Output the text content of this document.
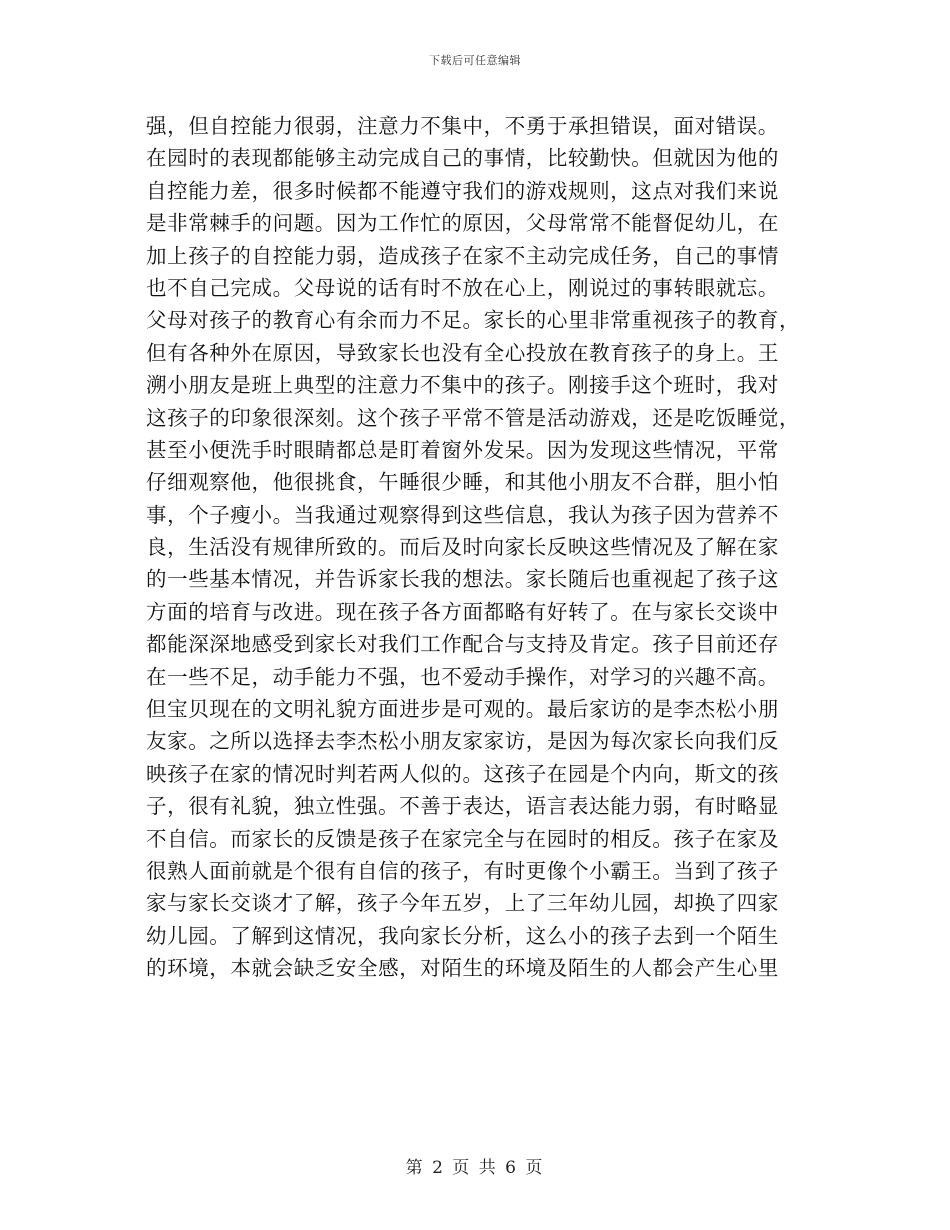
下载后可任意编辑
强，但自控能力很弱，注意力不集中，不勇于承担错误，面对错误。
在园时的表现都能够主动完成自己的事情，比较勤快。但就因为他的
自控能力差，很多时候都不能遵守我们的游戏规则，这点对我们来说
是非常棘手的问题。因为工作忙的原因，父母常常不能督促幼儿，在
加上孩子的自控能力弱，造成孩子在家不主动完成任务，自己的事情
也不自己完成。父母说的话有时不放在心上，刚说过的事转眼就忘。
父母对孩子的教育心有余而力不足。家长的心里非常重视孩子的教育，
但有各种外在原因，导致家长也没有全心投放在教育孩子的身上。王
溯小朋友是班上典型的注意力不集中的孩子。刚接手这个班时，我对
这孩子的印象很深刻。这个孩子平常不管是活动游戏，还是吃饭睡觉，
甚至小便洗手时眼睛都总是盯着窗外发呆。因为发现这些情况，平常
仔细观察他，他很挑食，午睡很少睡，和其他小朋友不合群，胆小怕
事，个子瘦小。当我通过观察得到这些信息，我认为孩子因为营养不
良，生活没有规律所致的。而后及时向家长反映这些情况及了解在家
的一些基本情况，并告诉家长我的想法。家长随后也重视起了孩子这
方面的培育与改进。现在孩子各方面都略有好转了。在与家长交谈中
都能深深地感受到家长对我们工作配合与支持及肯定。孩子目前还存
在一些不足，动手能力不强，也不爱动手操作，对学习的兴趣不高。
但宝贝现在的文明礼貌方面进步是可观的。最后家访的是李杰松小朋
友家。之所以选择去李杰松小朋友家家访，是因为每次家长向我们反
映孩子在家的情况时判若两人似的。这孩子在园是个内向，斯文的孩
子，很有礼貌，独立性强。不善于表达，语言表达能力弱，有时略显
不自信。而家长的反馈是孩子在家完全与在园时的相反。孩子在家及
很熟人面前就是个很有自信的孩子，有时更像个小霸王。当到了孩子
家与家长交谈才了解，孩子今年五岁，上了三年幼儿园，却换了四家
幼儿园。了解到这情况，我向家长分析，这么小的孩子去到一个陌生
的环境，本就会缺乏安全感，对陌生的环境及陌生的人都会产生心里
第 2 页 共 6 页
